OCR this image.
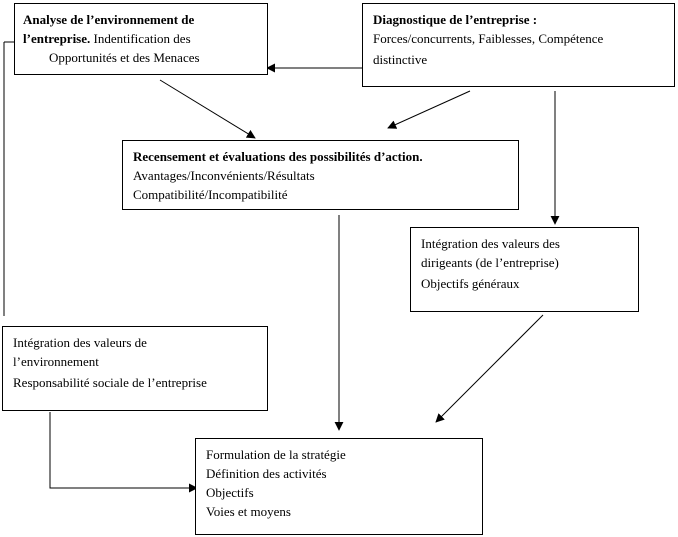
Analyse de l’environnement de
l’entreprise. Indentification des
Opportunités et des Menaces
Diagnostique de l’entreprise :
Forces/concurrents, Faiblesses, Compétence
distinctive
Recensement et évaluations des possibilités d’action.
Avantages/Inconvénients/Résultats
Compatibilité/Incompatibilité
Intégration des valeurs des
dirigeants (de l’entreprise)
Objectifs généraux
Intégration des valeurs de
l’environnement
Responsabilité sociale de l’entreprise
Formulation de la stratégie
Définition des activités
Objectifs
Voies et moyens
